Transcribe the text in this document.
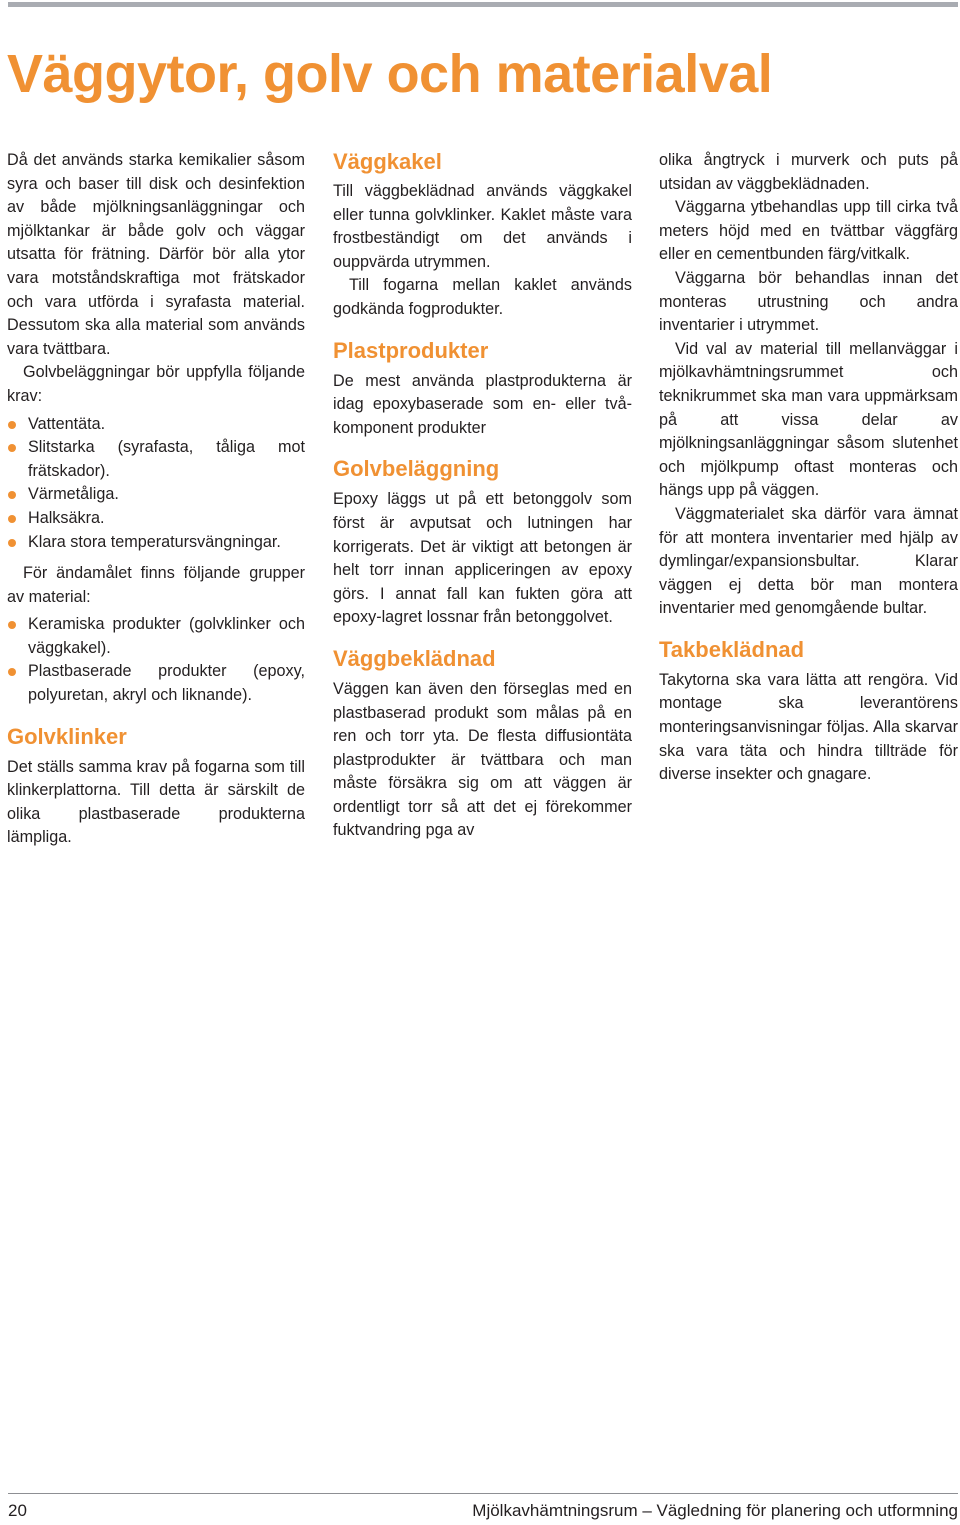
Väggytor, golv och materialval

Då det används starka kemikalier såsom syra och baser till disk och desinfektion av både mjölkningsanläggningar och mjölktankar är både golv och väggar utsatta för frätning. Därför bör alla ytor vara motståndskraftiga mot frätskador och vara utförda i syrafasta material. Dessutom ska alla material som används vara tvättbara.

Golvbeläggningar bör uppfylla följande krav:

Vattentäta.
Slitstarka (syrafasta, tåliga mot frätskador).
Värmetåliga.
Halksäkra.
Klara stora temperatursvängningar.

För ändamålet finns följande grupper av material:

Keramiska produkter (golvklinker och väggkakel).
Plastbaserade produkter (epoxy, polyuretan, akryl och liknande).
Golvklinker

Det ställs samma krav på fogarna som till klinkerplattorna. Till detta är särskilt de olika plastbaserade produkterna lämpliga.

Väggkakel

Till väggbeklädnad används väggkakel eller tunna golvklinker. Kaklet måste vara frostbeständigt om det används i ouppvärda utrymmen.

Till fogarna mellan kaklet används godkända fogprodukter.

Plastprodukter

De mest använda plastprodukterna är idag epoxybaserade som en- eller två-komponent produkter

Golvbeläggning

Epoxy läggs ut på ett betonggolv som först är avputsat och lutningen har korrigerats. Det är viktigt att betongen är helt torr innan appliceringen av epoxy görs. I annat fall kan fukten göra att epoxy-lagret lossnar från betonggolvet.

Väggbeklädnad

Väggen kan även den förseglas med en plastbaserad produkt som målas på en ren och torr yta. De flesta diffusiontäta plastprodukter är tvättbara och man måste försäkra sig om att väggen är ordentligt torr så att det ej förekommer fuktvandring pga av

olika ångtryck i murverk och puts på utsidan av väggbeklädnaden.

Väggarna ytbehandlas upp till cirka två meters höjd med en tvättbar väggfärg eller en cementbunden färg/vitkalk.

Väggarna bör behandlas innan det monteras utrustning och andra inventarier i utrymmet.

Vid val av material till mellanväggar i mjölkavhämtningsrummet och teknikrummet ska man vara uppmärksam på att vissa delar av mjölkningsanläggningar såsom slutenhet och mjölkpump oftast monteras och hängs upp på väggen.

Väggmaterialet ska därför vara ämnat för att montera inventarier med hjälp av dymlingar/expansionsbultar. Klarar väggen ej detta bör man montera inventarier med genomgående bultar.

Takbeklädnad

Takytorna ska vara lätta att rengöra. Vid montage ska leverantörens monteringsanvisningar följas. Alla skarvar ska vara täta och hindra tillträde för diverse insekter och gnagare.

20	Mjölkavhämtningsrum – Vägledning för planering och utformning
